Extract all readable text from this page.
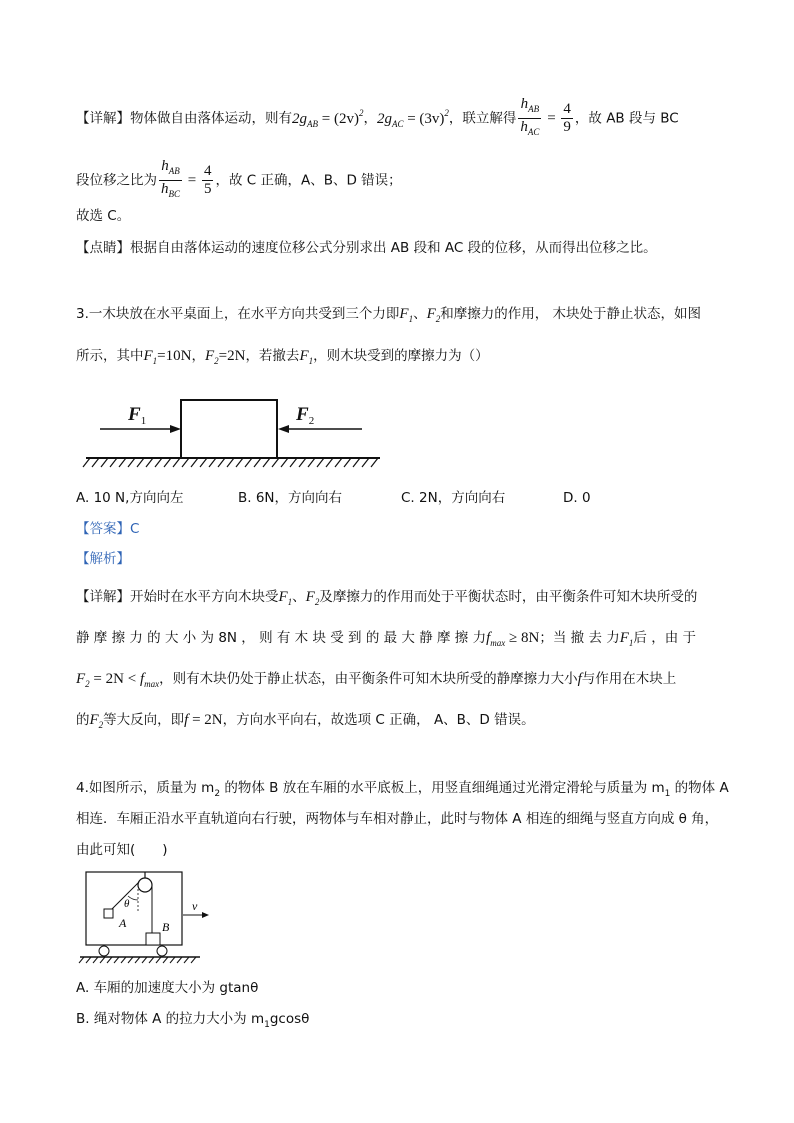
【详解】物体做自由落体运动，则有$2g_{AB} = (2v)^2$，$2g_{AC} = (3v)^2$，联立解得 $\frac{h_{AB}}{h_{AC}} = \frac{4}{9}$ ，故 AB 段与 BC
段位移之比为 $\frac{h_{AB}}{h_{BC}} = \frac{4}{5}$ ，故 C 正确，A、B、D 错误；
故选 C。
【点睛】根据自由落体运动的速度位移公式分别求出 AB 段和 AC 段的位移，从而得出位移之比。
3.一木块放在水平桌面上，在水平方向共受到三个力即$F_1$、$F_2$和摩擦力的作用， 木块处于静止状态，如图
所示，其中$F_1=10N$，$F_2=2N$，若撤去$F_1$，则木块受到的摩擦力为（）
$F_1$	$F_2$
A. 10 N,方向向左	B. 6N，方向向右	C. 2N，方向向右	D. 0
【答案】C
【解析】
【详解】开始时在水平方向木块受$F_1$、$F_2$及摩擦力的作用而处于平衡状态时，由平衡条件可知木块所受的
静 摩 擦 力 的 大 小 为 8N ， 则 有 木 块 受 到 的 最 大 静 摩 擦 力$f_{max} \ge 8N$；当 撤 去 力$F_1$后 ，由 于
$F_2 = 2N < f_{max}$，则有木块仍处于静止状态，由平衡条件可知木块所受的静摩擦力大小f与作用在木块上
的$F_2$等大反向，即f = 2N，方向水平向右，故选项 C 正确， A、B、D 错误。
4.如图所示，质量为 $m_2$ 的物体 B 放在车厢的水平底板上，用竖直细绳通过光滑定滑轮与质量为 $m_1$ 的物体 A
相连．车厢正沿水平直轨道向右行驶，两物体与车相对静止，此时与物体 A 相连的细绳与竖直方向成 θ 角，
由此可知(　　)
θ
A	B
v
A. 车厢的加速度大小为 gtanθ
B. 绳对物体 A 的拉力大小为 $m_1gcos\theta$
